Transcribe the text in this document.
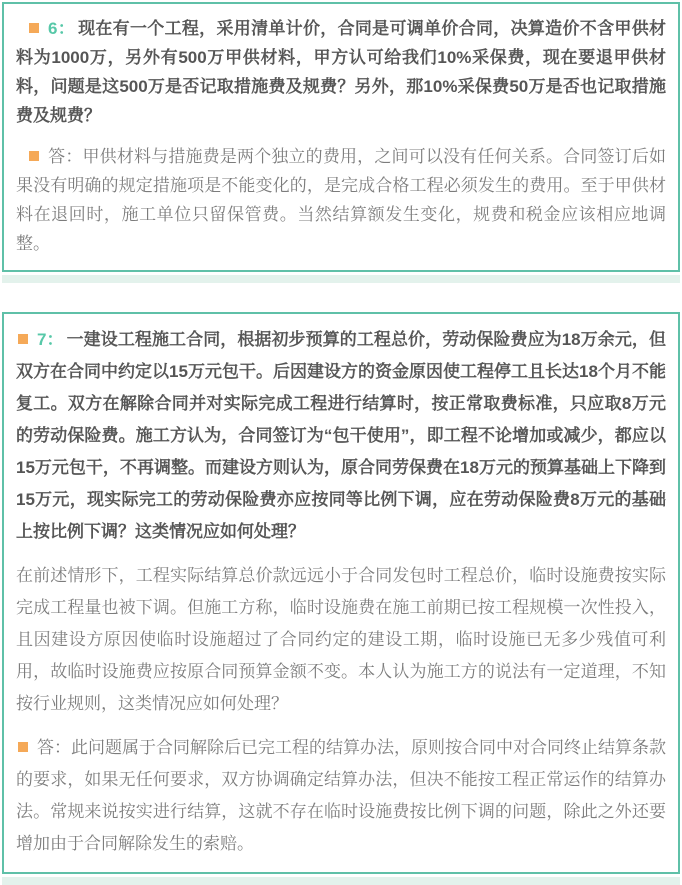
6： 现在有一个工程，采用清单计价，合同是可调单价合同，决算造价不含甲供材料为1000万，另外有500万甲供材料，甲方认可给我们10%采保费，现在要退甲供材料，问题是这500万是否记取措施费及规费？另外，那10%采保费50万是否也记取措施费及规费？

答：甲供材料与措施费是两个独立的费用，之间可以没有任何关系。合同签订后如果没有明确的规定措施项是不能变化的，是完成合格工程必须发生的费用。至于甲供材料在退回时，施工单位只留保管费。当然结算额发生变化，规费和税金应该相应地调整。

7： 一建设工程施工合同，根据初步预算的工程总价，劳动保险费应为18万余元，但双方在合同中约定以15万元包干。后因建设方的资金原因使工程停工且长达18个月不能复工。双方在解除合同并对实际完成工程进行结算时，按正常取费标准，只应取8万元的劳动保险费。施工方认为，合同签订为“包干使用”，即工程不论增加或减少，都应以15万元包干，不再调整。而建设方则认为，原合同劳保费在18万元的预算基础上下降到15万元，现实际完工的劳动保险费亦应按同等比例下调，应在劳动保险费8万元的基础上按比例下调？这类情况应如何处理？

在前述情形下，工程实际结算总价款远远小于合同发包时工程总价，临时设施费按实际完成工程量也被下调。但施工方称，临时设施费在施工前期已按工程规模一次性投入，且因建设方原因使临时设施超过了合同约定的建设工期，临时设施已无多少残值可利用，故临时设施费应按原合同预算金额不变。本人认为施工方的说法有一定道理，不知按行业规则，这类情况应如何处理？

答：此问题属于合同解除后已完工程的结算办法，原则按合同中对合同终止结算条款的要求，如果无任何要求，双方协调确定结算办法，但决不能按工程正常运作的结算办法。常规来说按实进行结算，这就不存在临时设施费按比例下调的问题，除此之外还要增加由于合同解除发生的索赔。
